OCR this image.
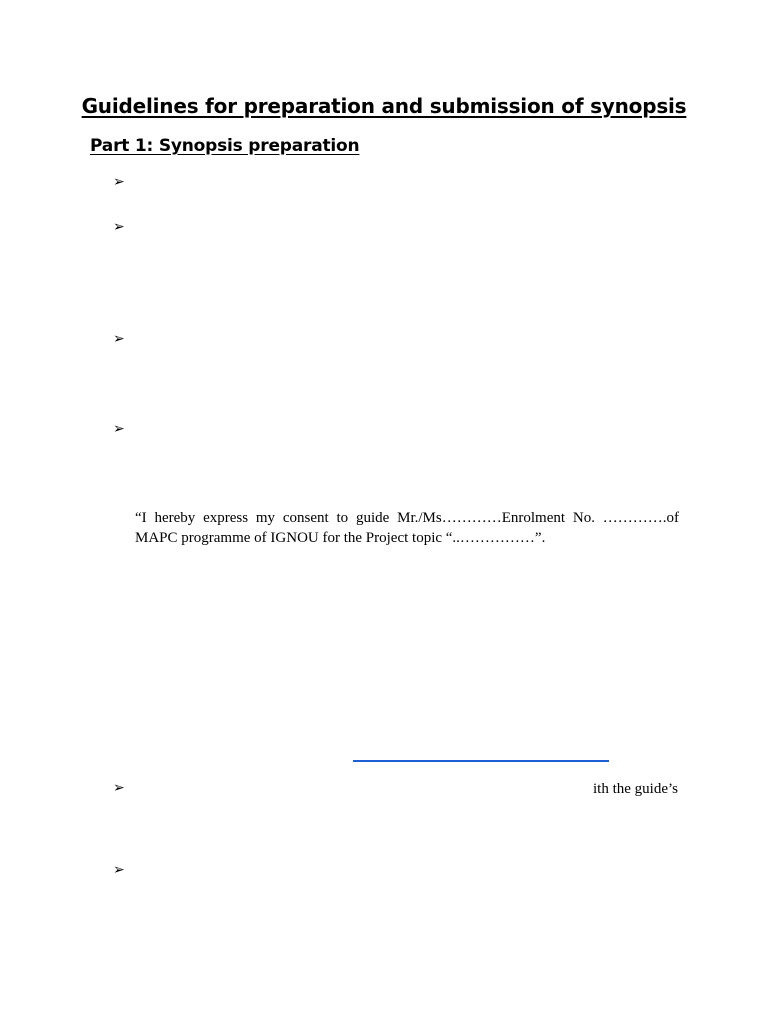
Guidelines for preparation and submission of synopsis
Part 1: Synopsis preparation
➢
➢
➢
➢
“I hereby express my consent to guide Mr./Ms…………Enrolment No. ………….of
MAPC programme of IGNOU for the Project topic “..……………”.
➢	ith the guide’s
➢
